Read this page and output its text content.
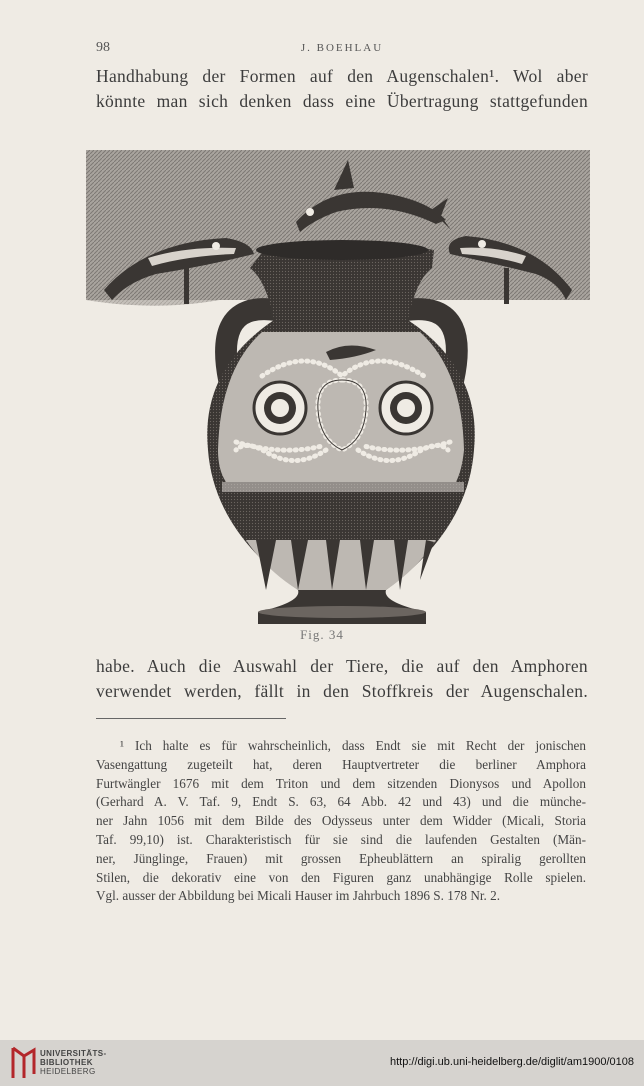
98	J. BOEHLAU
Handhabung der Formen auf den Augenschalen¹. Wol aber
könnte man sich denken dass eine Übertragung stattgefunden
Fig. 34
habe. Auch die Auswahl der Tiere, die auf den Amphoren
verwendet werden, fällt in den Stoffkreis der Augenschalen.
¹ Ich halte es für wahrscheinlich, dass Endt sie mit Recht der jonischen
Vasengattung zugeteilt hat, deren Hauptvertreter die berliner Amphora
Furtwängler 1676 mit dem Triton und dem sitzenden Dionysos und Apollon
(Gerhard A. V. Taf. 9, Endt S. 63, 64 Abb. 42 und 43) und die münche-
ner Jahn 1056 mit dem Bilde des Odysseus unter dem Widder (Micali, Storia
Taf. 99,10) ist. Charakteristisch für sie sind die laufenden Gestalten (Män-
ner, Jünglinge, Frauen) mit grossen Epheublättern an spiralig gerollten
Stilen, die dekorativ eine von den Figuren ganz unabhängige Rolle spielen.
Vgl. ausser der Abbildung bei Micali Hauser im Jahrbuch 1896 S. 178 Nr. 2.
UNIVERSITÄTS-
BIBLIOTHEK
HEIDELBERG
http://digi.ub.uni-heidelberg.de/diglit/am1900/0108
